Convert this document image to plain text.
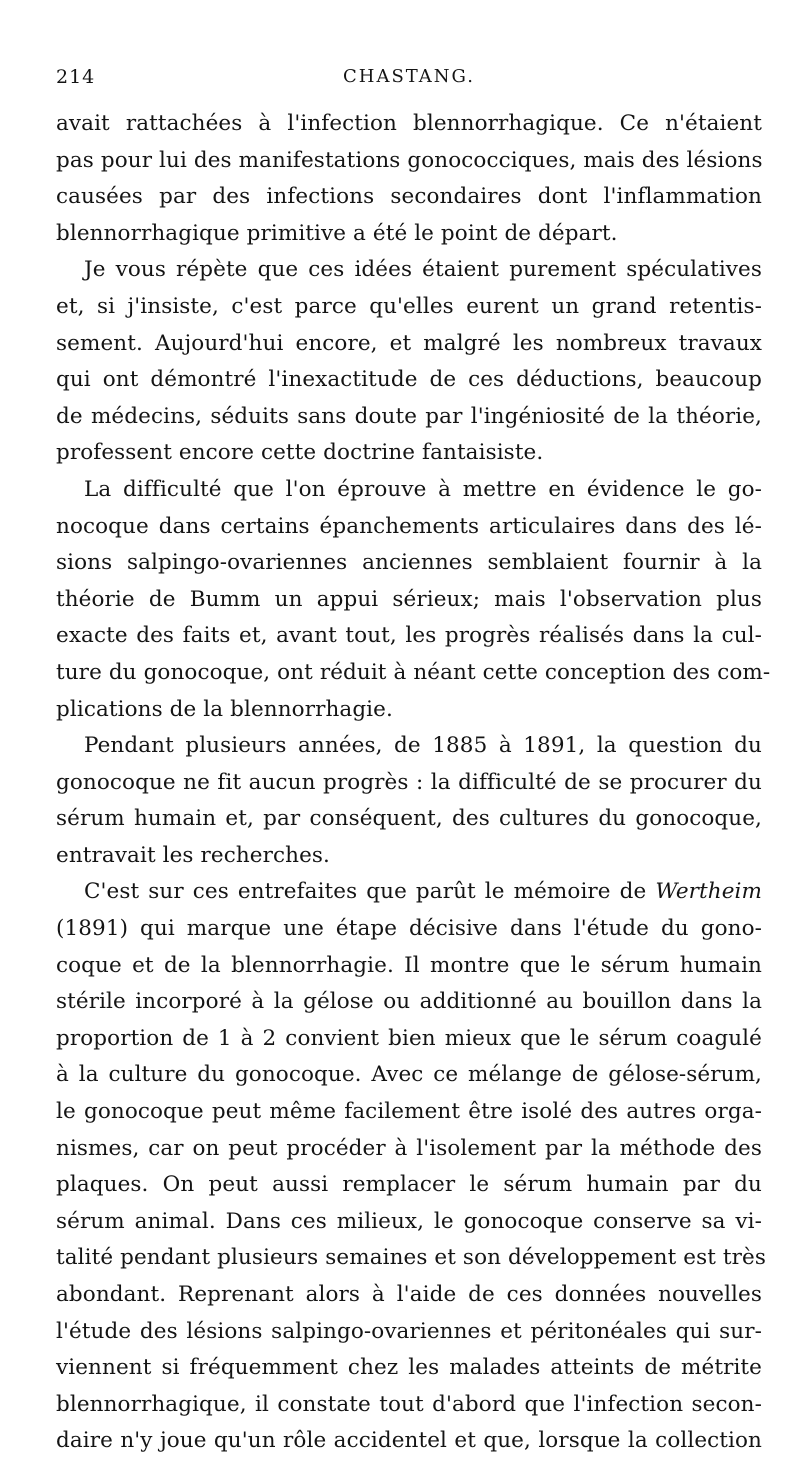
214	CHASTANG.
avait rattachées à l'infection blennorrhagique. Ce n'étaient
pas pour lui des manifestations gonococciques, mais des lésions
causées par des infections secondaires dont l'inflammation
blennorrhagique primitive a été le point de départ.
Je vous répète que ces idées étaient purement spéculatives
et, si j'insiste, c'est parce qu'elles eurent un grand retentis-
sement. Aujourd'hui encore, et malgré les nombreux travaux
qui ont démontré l'inexactitude de ces déductions, beaucoup
de médecins, séduits sans doute par l'ingéniosité de la théorie,
professent encore cette doctrine fantaisiste.
La difficulté que l'on éprouve à mettre en évidence le go-
nocoque dans certains épanchements articulaires dans des lé-
sions salpingo-ovariennes anciennes semblaient fournir à la
théorie de Bumm un appui sérieux; mais l'observation plus
exacte des faits et, avant tout, les progrès réalisés dans la cul-
ture du gonocoque, ont réduit à néant cette conception des com-
plications de la blennorrhagie.
Pendant plusieurs années, de 1885 à 1891, la question du
gonocoque ne fit aucun progrès : la difficulté de se procurer du
sérum humain et, par conséquent, des cultures du gonocoque,
entravait les recherches.
C'est sur ces entrefaites que parût le mémoire de Wertheim
(1891) qui marque une étape décisive dans l'étude du gono-
coque et de la blennorrhagie. Il montre que le sérum humain
stérile incorporé à la gélose ou additionné au bouillon dans la
proportion de 1 à 2 convient bien mieux que le sérum coagulé
à la culture du gonocoque. Avec ce mélange de gélose-sérum,
le gonocoque peut même facilement être isolé des autres orga-
nismes, car on peut procéder à l'isolement par la méthode des
plaques. On peut aussi remplacer le sérum humain par du
sérum animal. Dans ces milieux, le gonocoque conserve sa vi-
talité pendant plusieurs semaines et son développement est très
abondant. Reprenant alors à l'aide de ces données nouvelles
l'étude des lésions salpingo-ovariennes et péritonéales qui sur-
viennent si fréquemment chez les malades atteints de métrite
blennorrhagique, il constate tout d'abord que l'infection secon-
daire n'y joue qu'un rôle accidentel et que, lorsque la collection
